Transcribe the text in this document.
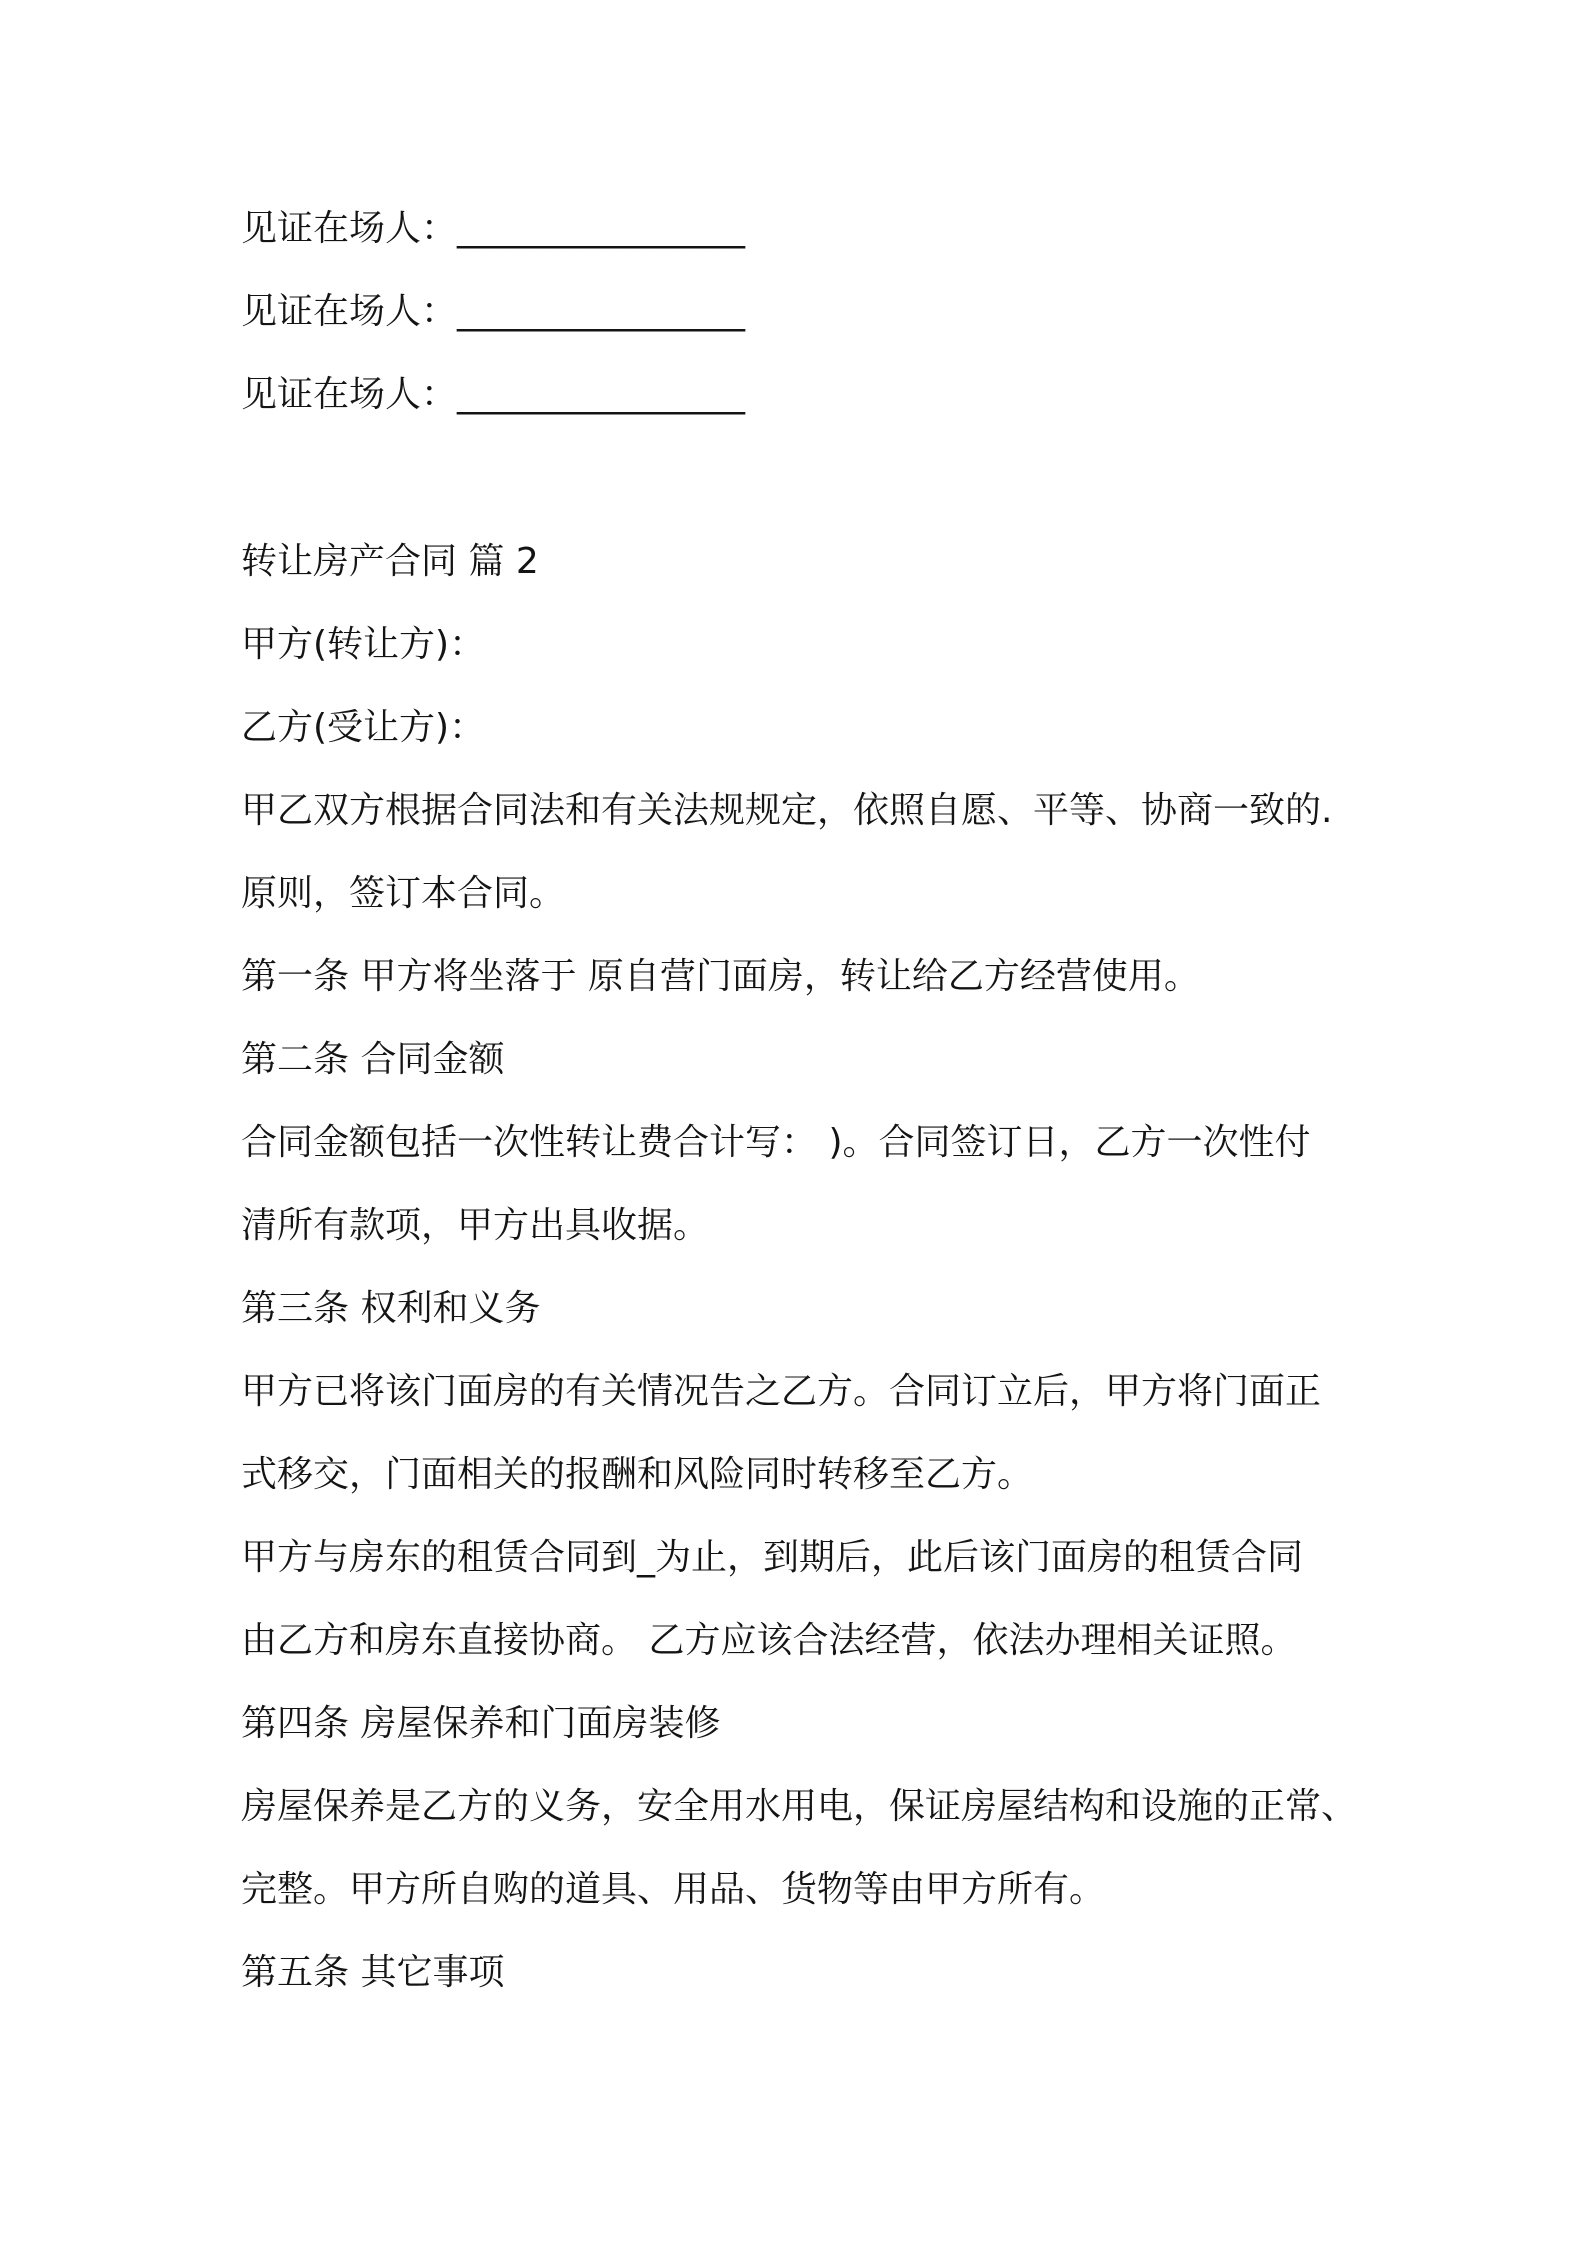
见证在场人：________________
见证在场人：________________
见证在场人：________________
转让房产合同 篇 2
甲方(转让方)：
乙方(受让方)：
甲乙双方根据合同法和有关法规规定，依照自愿、平等、协商一致的.
原则，签订本合同。
第一条 甲方将坐落于 原自营门面房，转让给乙方经营使用。
第二条 合同金额
合同金额包括一次性转让费合计写： )。合同签订日，乙方一次性付
清所有款项，甲方出具收据。
第三条 权利和义务
甲方已将该门面房的有关情况告之乙方。合同订立后，甲方将门面正
式移交，门面相关的报酬和风险同时转移至乙方。
甲方与房东的租赁合同到_为止，到期后，此后该门面房的租赁合同
由乙方和房东直接协商。 乙方应该合法经营，依法办理相关证照。
第四条 房屋保养和门面房装修
房屋保养是乙方的义务，安全用水用电，保证房屋结构和设施的正常、
完整。甲方所自购的道具、用品、货物等由甲方所有。
第五条 其它事项
